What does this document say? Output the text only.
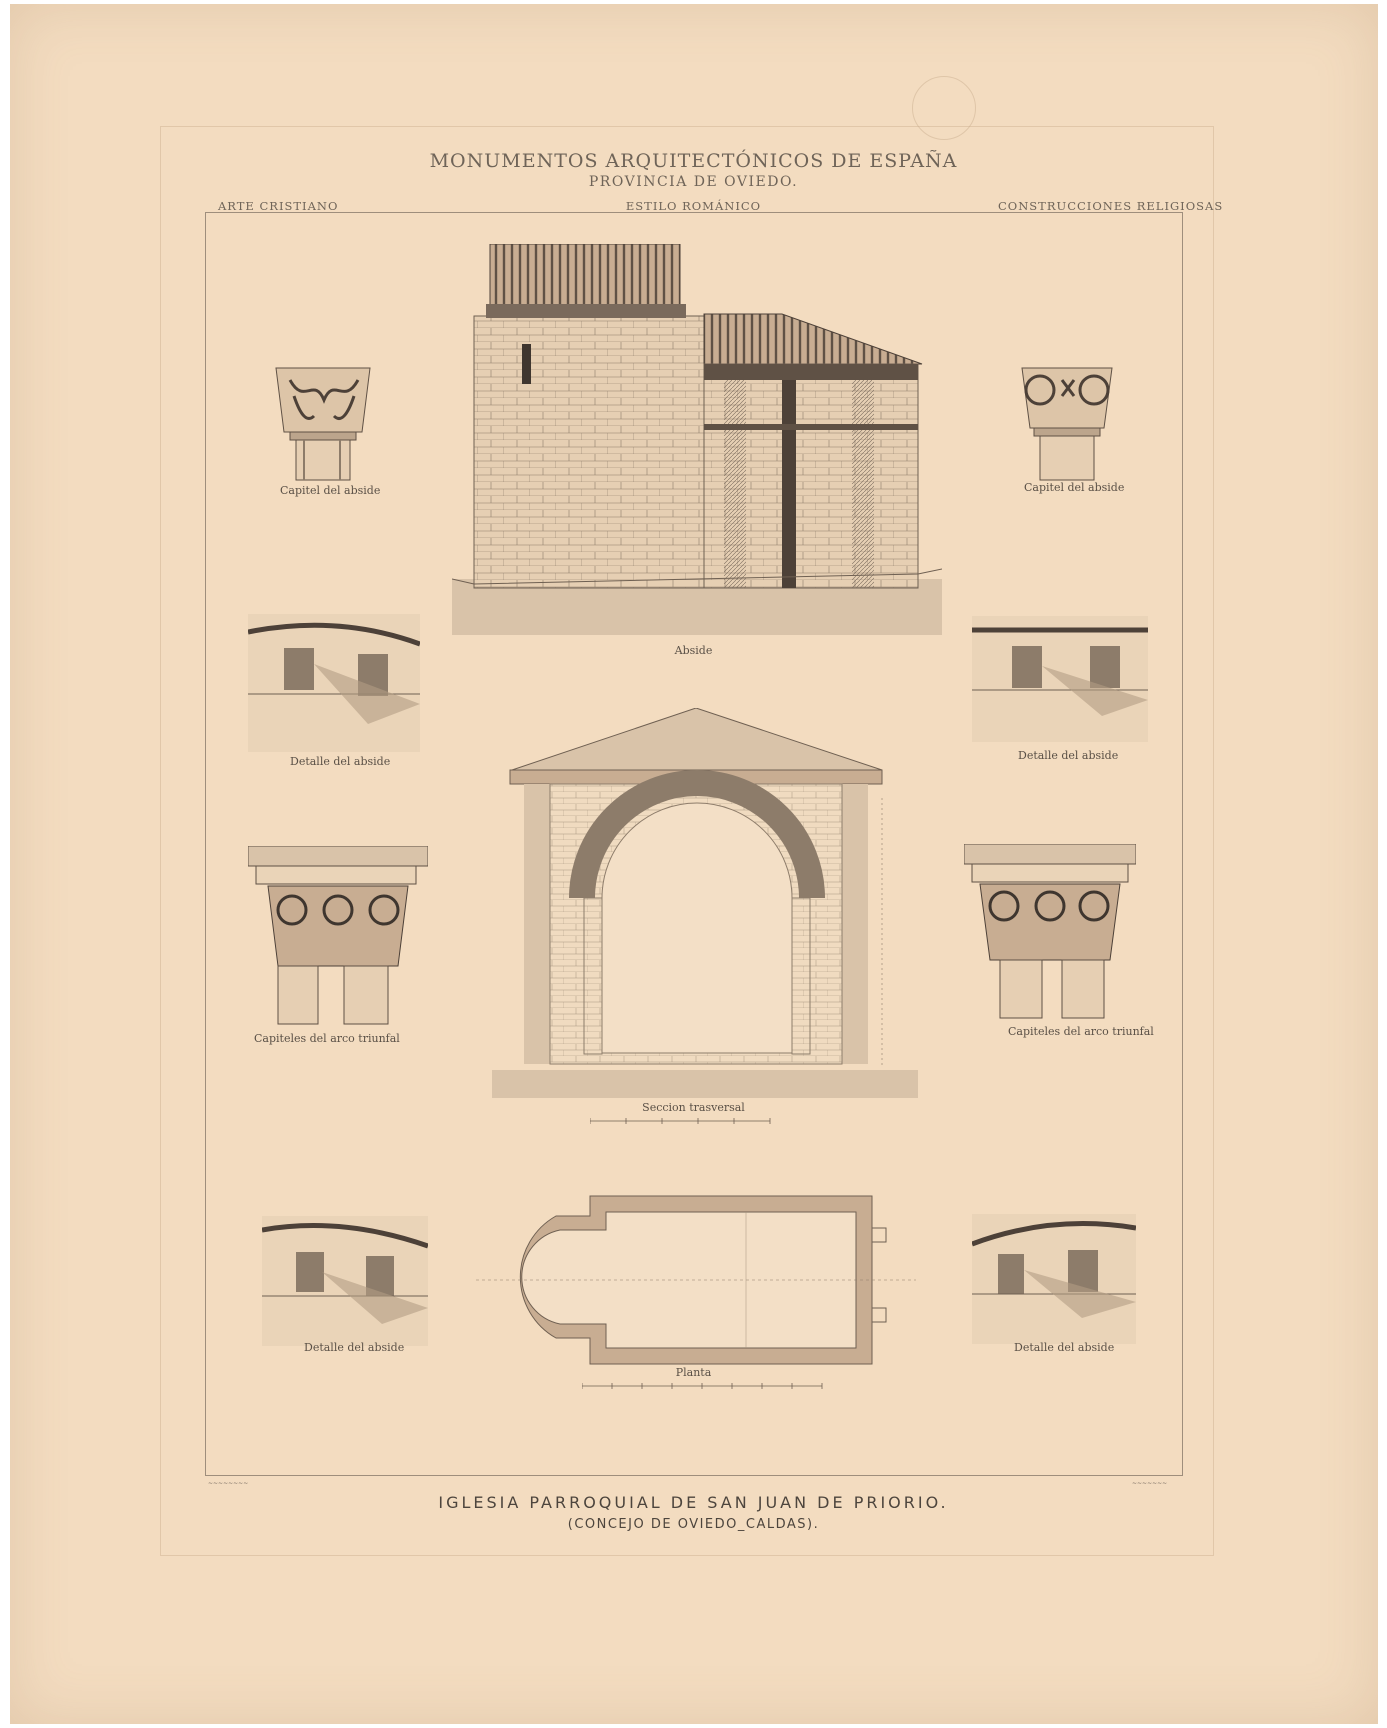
MONUMENTOS ARQUITECTÓNICOS DE ESPAÑA
PROVINCIA DE OVIEDO.
ARTE CRISTIANO	ESTILO ROMÁNICO	CONSTRUCCIONES RELIGIOSAS
Abside
Capitel del abside	Capitel del abside
Detalle del abside	Detalle del abside
Capiteles del arco triunfal
Capiteles del arco triunfal
Seccion trasversal
Planta
Detalle del abside	Detalle del abside
~~~~~~~~	~~~~~~~
IGLESIA PARROQUIAL DE SAN JUAN DE PRIORIO.
(CONCEJO DE OVIEDO_CALDAS).
